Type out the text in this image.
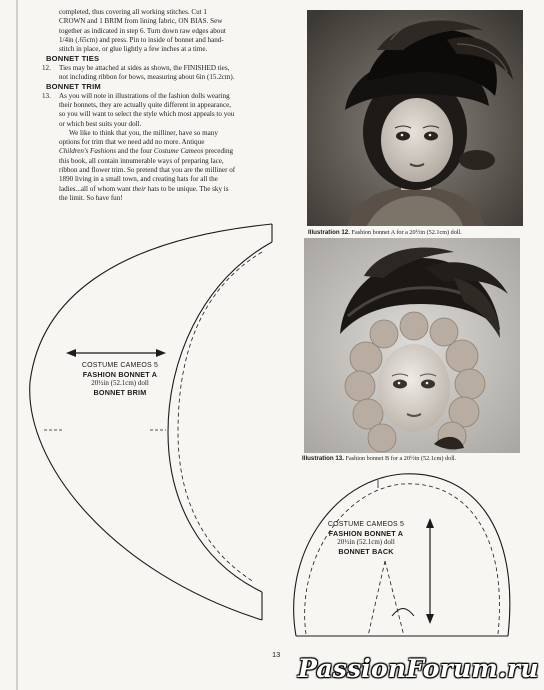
completed, thus covering all working stitches. Cut 1

CROWN and 1 BRIM from lining fabric, ON BIAS. Sew

together as indicated in step 6. Turn down raw edges about

1/4in (.65cm) and press. Pin to inside of bonnet and hand-

stitch in place, or glue lightly a few inches at a time.

BONNET TIES

12.	Ties may be attached at sides as shown, the FINISHED ties,

not including ribbon for bows, measuring about 6in (15.2cm).

BONNET TRIM

13.	As you will note in illustrations of the fashion dolls wearing

their bonnets, they are actually quite different in appearance,

so you will want to select the style which most appeals to you

or which best suits your doll.

We like to think that you, the milliner, have so many

options for trim that we need add no more. Antique

Children's Fashions and the four Costume Cameos preceding

this book, all contain innumerable ways of preparing lace,

ribbon and flower trim. So pretend that you are the milliner of

1890 living in a small town, and creating hats for all the

ladies...all of whom want their hats to be unique. The sky is

the limit. So have fun!

Illustration 12. Fashion bonnet A for a 20½in (52.1cm) doll.
Illustration 13. Fashion bonnet B for a 20½in (52.1cm) doll.
COSTUME CAMEOS 5
FASHION BONNET A
20½in (52.1cm) doll
BONNET BRIM
COSTUME CAMEOS 5
FASHION BONNET A
20½in (52.1cm) doll
BONNET BACK
13 PassionForum.ru
